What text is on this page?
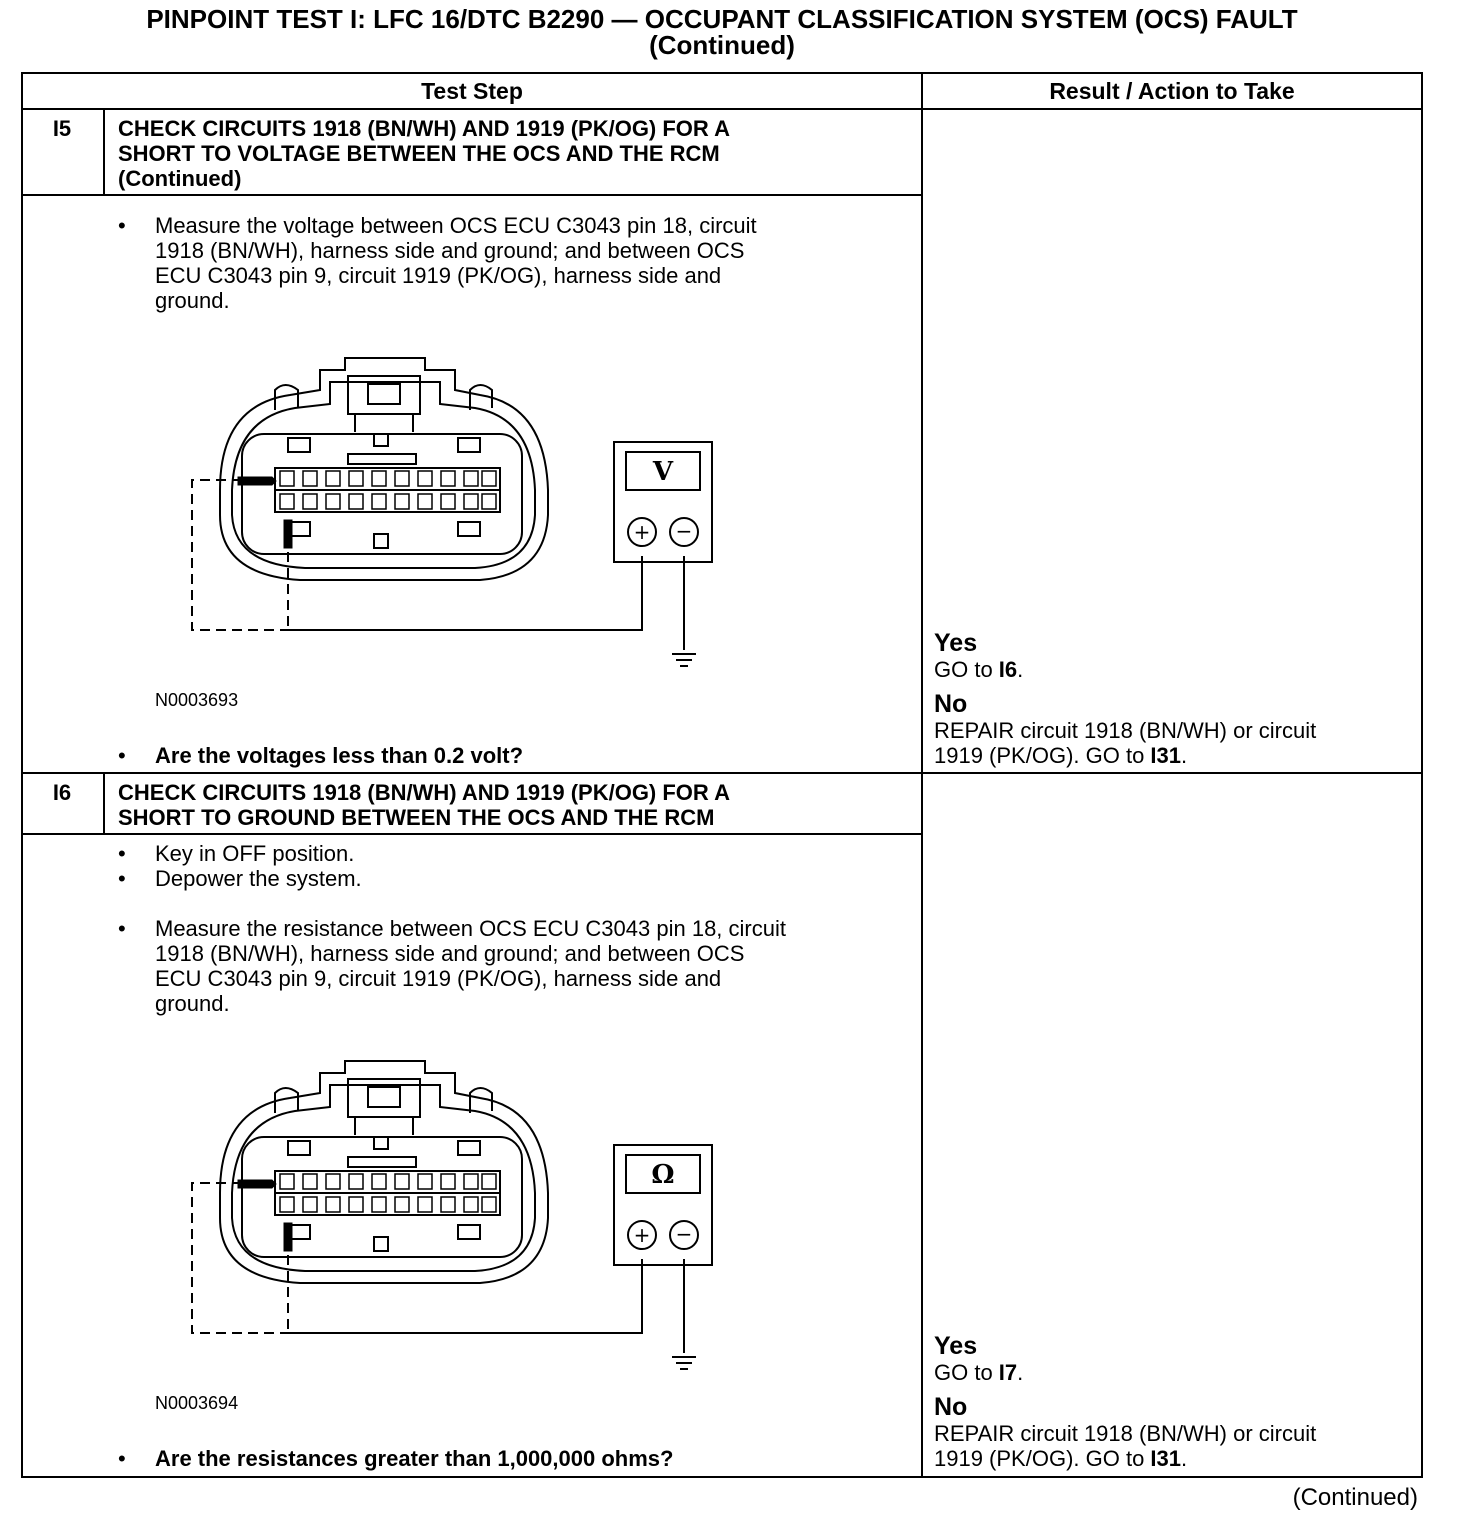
PINPOINT TEST I: LFC 16/DTC B2290 — OCCUPANT CLASSIFICATION SYSTEM (OCS) FAULT
(Continued)
Test Step	Result / Action to Take
I5	CHECK CIRCUITS 1918 (BN/WH) AND 1919 (PK/OG) FOR A
SHORT TO VOLTAGE BETWEEN THE OCS AND THE RCM
(Continued)
• Measure the voltage between OCS ECU C3043 pin 18, circuit
1918 (BN/WH), harness side and ground; and between OCS
ECU C3043 pin 9, circuit 1919 (PK/OG), harness side and
ground.
+ −
V
N0003693
• Are the voltages less than 0.2 volt?
Yes
GO to I6.
No
REPAIR circuit 1918 (BN/WH) or circuit
1919 (PK/OG). GO to I31.
I6	CHECK CIRCUITS 1918 (BN/WH) AND 1919 (PK/OG) FOR A
SHORT TO GROUND BETWEEN THE OCS AND THE RCM
• Key in OFF position.
• Depower the system.
• Measure the resistance between OCS ECU C3043 pin 18, circuit
1918 (BN/WH), harness side and ground; and between OCS
ECU C3043 pin 9, circuit 1919 (PK/OG), harness side and
ground.
+ −
Ω
N0003694
• Are the resistances greater than 1,000,000 ohms?
Yes
GO to I7.
No
REPAIR circuit 1918 (BN/WH) or circuit
1919 (PK/OG). GO to I31.
(Continued)
